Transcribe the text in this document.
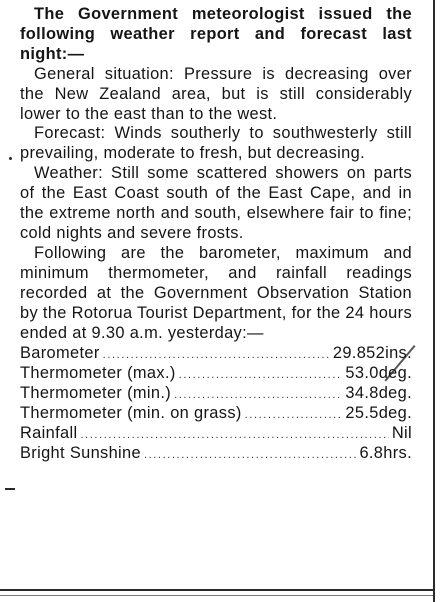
The Government meteorologist issued the following weather report and forecast last night:—

General situation: Pressure is decreasing over the New Zealand area, but is still considerably lower to the east than to the west.

Forecast: Winds southerly to southwesterly still prevailing, moderate to fresh, but decreasing.

Weather: Still some scattered showers on parts of the East Coast south of the East Cape, and in the extreme north and south, elsewhere fair to fine; cold nights and severe frosts.

Following are the barometer, maximum and minimum thermometer, and rainfall readings recorded at the Government Observation Station by the Rotorua Tourist Department, for the 24 hours ended at 9.30 a.m. yesterday:—

Barometer .....	29.852ins.
Thermometer (max.) .....	53.0deg.
Thermometer (min.) .....	34.8deg.
Thermometer (min. on grass) .....	25.5deg.
Rainfall .....	Nil
Bright Sunshine .....	6.8hrs.
